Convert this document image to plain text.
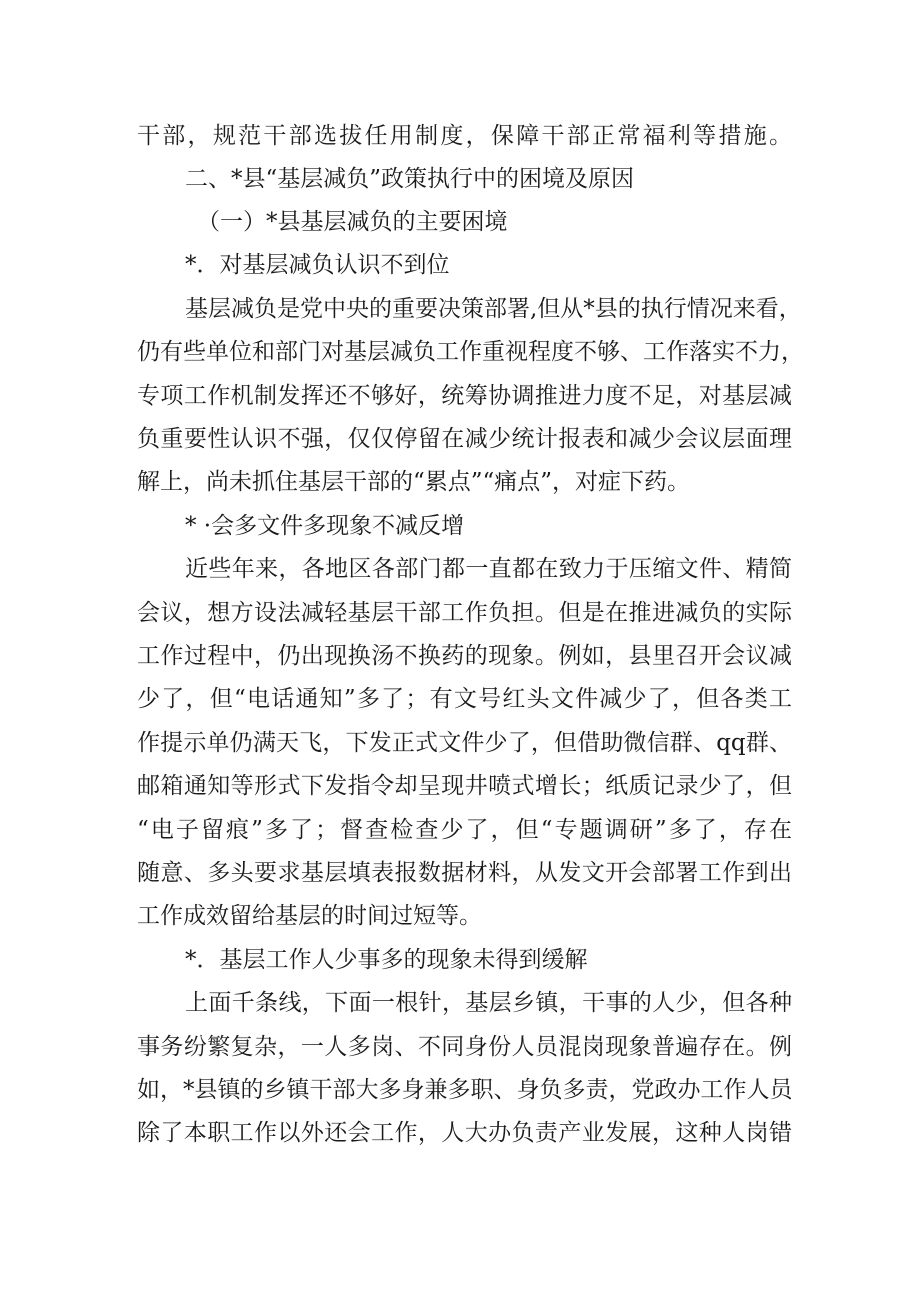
干部，规范干部选拔任用制度，保障干部正常福利等措施。
二、*县“基层减负”政策执行中的困境及原因
（一）*县基层减负的主要困境
*．对基层减负认识不到位
基层减负是党中央的重要决策部署,但从*县的执行情况来看，
仍有些单位和部门对基层减负工作重视程度不够、工作落实不力，
专项工作机制发挥还不够好，统筹协调推进力度不足，对基层减
负重要性认识不强，仅仅停留在减少统计报表和减少会议层面理
解上，尚未抓住基层干部的“累点”“痛点”，对症下药。
* ·会多文件多现象不减反增
近些年来，各地区各部门都一直都在致力于压缩文件、精简
会议，想方设法减轻基层干部工作负担。但是在推进减负的实际
工作过程中，仍出现换汤不换药的现象。例如，县里召开会议减
少了，但“电话通知”多了；有文号红头文件减少了，但各类工
作提示单仍满天飞，下发正式文件少了，但借助微信群、qq群、
邮箱通知等形式下发指令却呈现井喷式增长；纸质记录少了，但
“电子留痕”多了；督查检查少了，但“专题调研”多了，存在
随意、多头要求基层填表报数据材料，从发文开会部署工作到出
工作成效留给基层的时间过短等。
*．基层工作人少事多的现象未得到缓解
上面千条线，下面一根针，基层乡镇，干事的人少，但各种
事务纷繁复杂，一人多岗、不同身份人员混岗现象普遍存在。例
如，*县镇的乡镇干部大多身兼多职、身负多责，党政办工作人员
除了本职工作以外还会工作，人大办负责产业发展，这种人岗错
